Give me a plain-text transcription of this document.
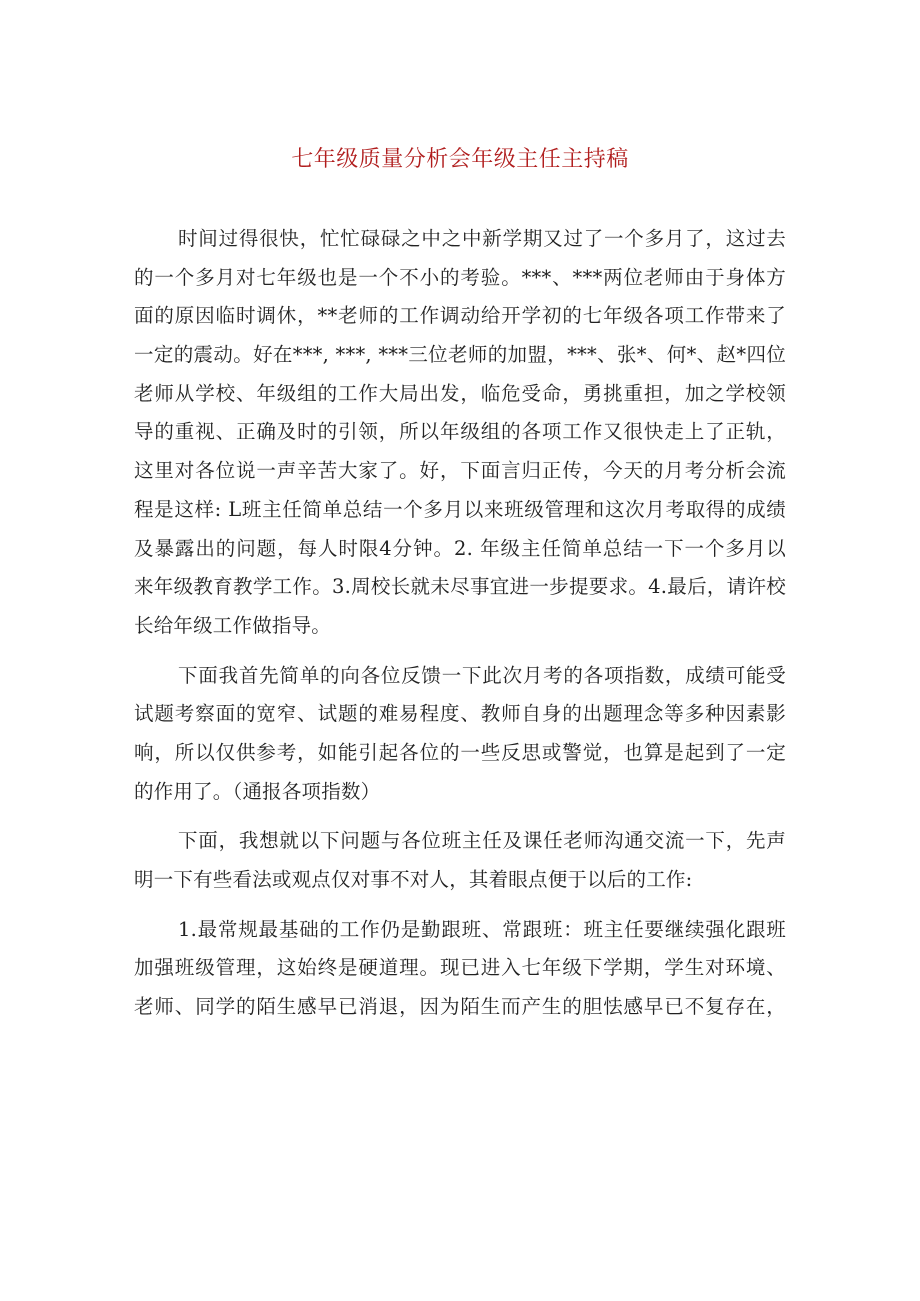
七年级质量分析会年级主任主持稿
时间过得很快，忙忙碌碌之中之中新学期又过了一个多月了，这过去
的一个多月对七年级也是一个不小的考验。***、***两位老师由于身体方
面的原因临时调休，**老师的工作调动给开学初的七年级各项工作带来了
一定的震动。好在***, ***, ***三位老师的加盟，***、张*、何*、赵*四位
老师从学校、年级组的工作大局出发，临危受命，勇挑重担，加之学校领
导的重视、正确及时的引领，所以年级组的各项工作又很快走上了正轨，
这里对各位说一声辛苦大家了。好，下面言归正传，今天的月考分析会流
程是这样: L班主任简单总结一个多月以来班级管理和这次月考取得的成绩
及暴露出的问题，每人时限4分钟。2. 年级主任简单总结一下一个多月以
来年级教育教学工作。3.周校长就未尽事宜进一步提要求。4.最后，请许校
长给年级工作做指导。
下面我首先简单的向各位反馈一下此次月考的各项指数，成绩可能受
试题考察面的宽窄、试题的难易程度、教师自身的出题理念等多种因素影
响，所以仅供参考，如能引起各位的一些反思或警觉，也算是起到了一定
的作用了。（通报各项指数）
下面，我想就以下问题与各位班主任及课任老师沟通交流一下，先声
明一下有些看法或观点仅对事不对人，其着眼点便于以后的工作:
1.最常规最基础的工作仍是勤跟班、常跟班：班主任要继续强化跟班
加强班级管理，这始终是硬道理。现已进入七年级下学期，学生对环境、
老师、同学的陌生感早已消退，因为陌生而产生的胆怯感早已不复存在，
